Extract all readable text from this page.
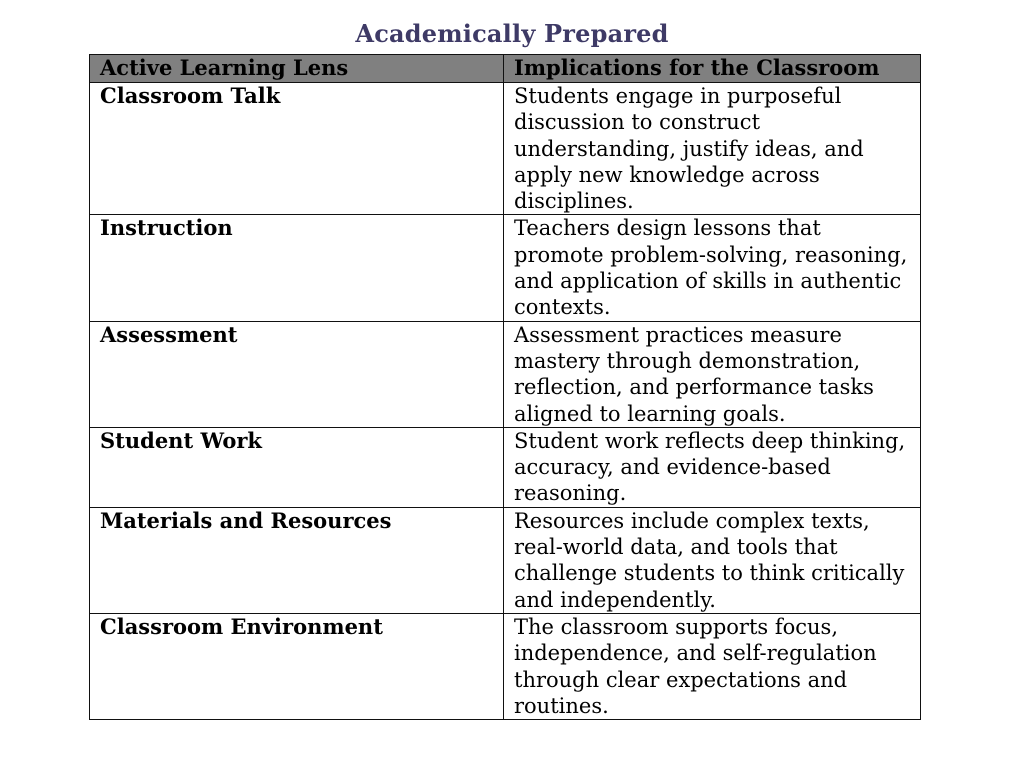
Academically Prepared
Active Learning Lens	Implications for the Classroom
Classroom Talk	Students engage in purposeful discussion to construct understanding, justify ideas, and apply new knowledge across disciplines.
Instruction	Teachers design lessons that promote problem-solving, reasoning, and application of skills in authentic contexts.
Assessment	Assessment practices measure mastery through demonstration, reflection, and performance tasks aligned to learning goals.
Student Work	Student work reflects deep thinking, accuracy, and evidence-based reasoning.
Materials and Resources	Resources include complex texts, real-world data, and tools that challenge students to think critically and independently.
Classroom Environment	The classroom supports focus, independence, and self-regulation through clear expectations and routines.
